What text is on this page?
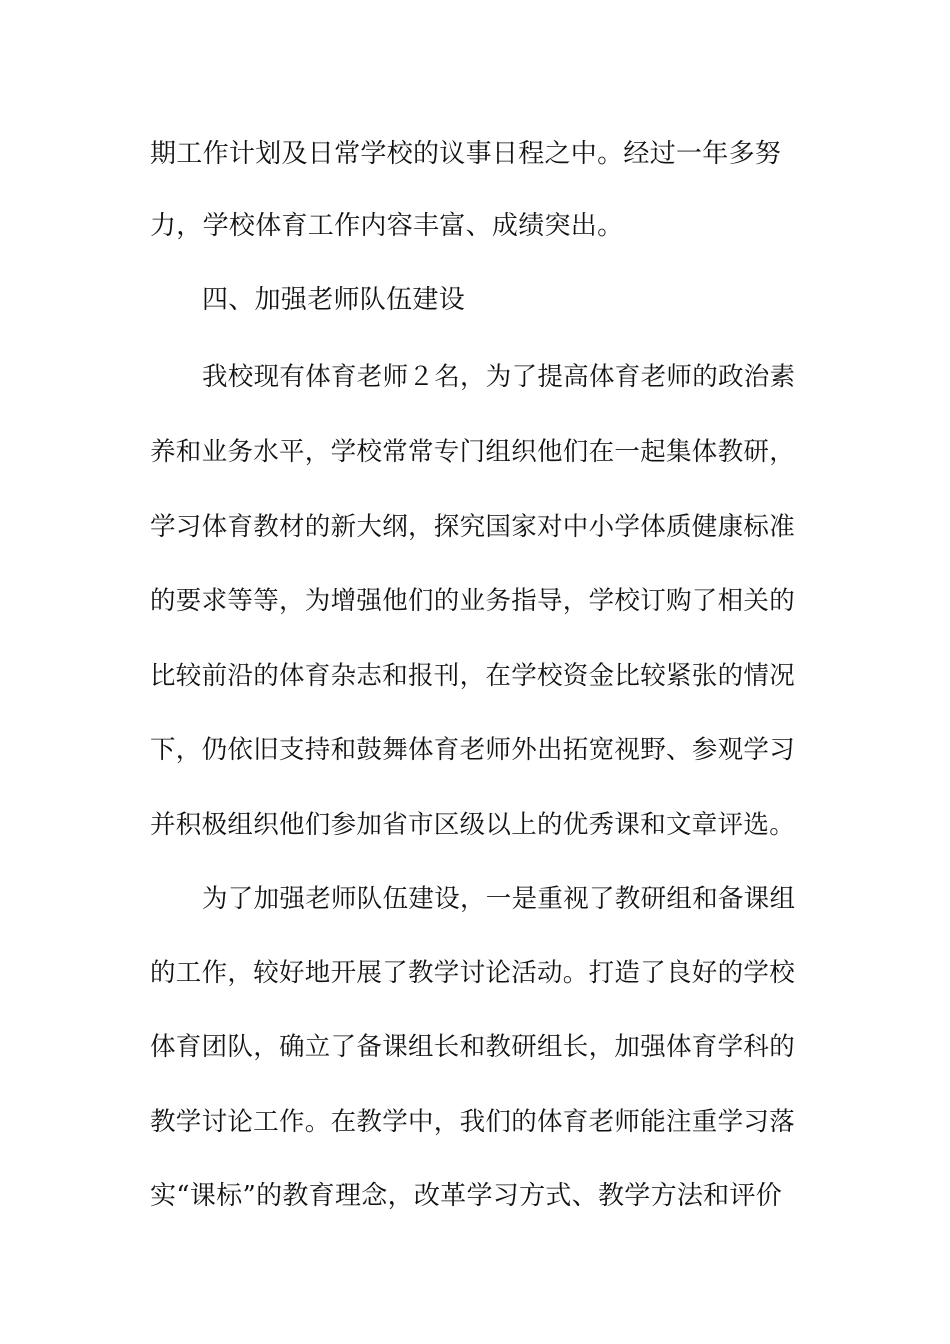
期工作计划及日常学校的议事日程之中。经过一年多努
力，学校体育工作内容丰富、成绩突出。
四、加强老师队伍建设
我校现有体育老师２名，为了提高体育老师的政治素
养和业务水平，学校常常专门组织他们在一起集体教研，
学习体育教材的新大纲，探究国家对中小学体质健康标准
的要求等等，为增强他们的业务指导，学校订购了相关的
比较前沿的体育杂志和报刊，在学校资金比较紧张的情况
下，仍依旧支持和鼓舞体育老师外出拓宽视野、参观学习
并积极组织他们参加省市区级以上的优秀课和文章评选。
为了加强老师队伍建设，一是重视了教研组和备课组
的工作，较好地开展了教学讨论活动。打造了良好的学校
体育团队，确立了备课组长和教研组长，加强体育学科的
教学讨论工作。在教学中，我们的体育老师能注重学习落
实“课标”的教育理念，改革学习方式、教学方法和评价
